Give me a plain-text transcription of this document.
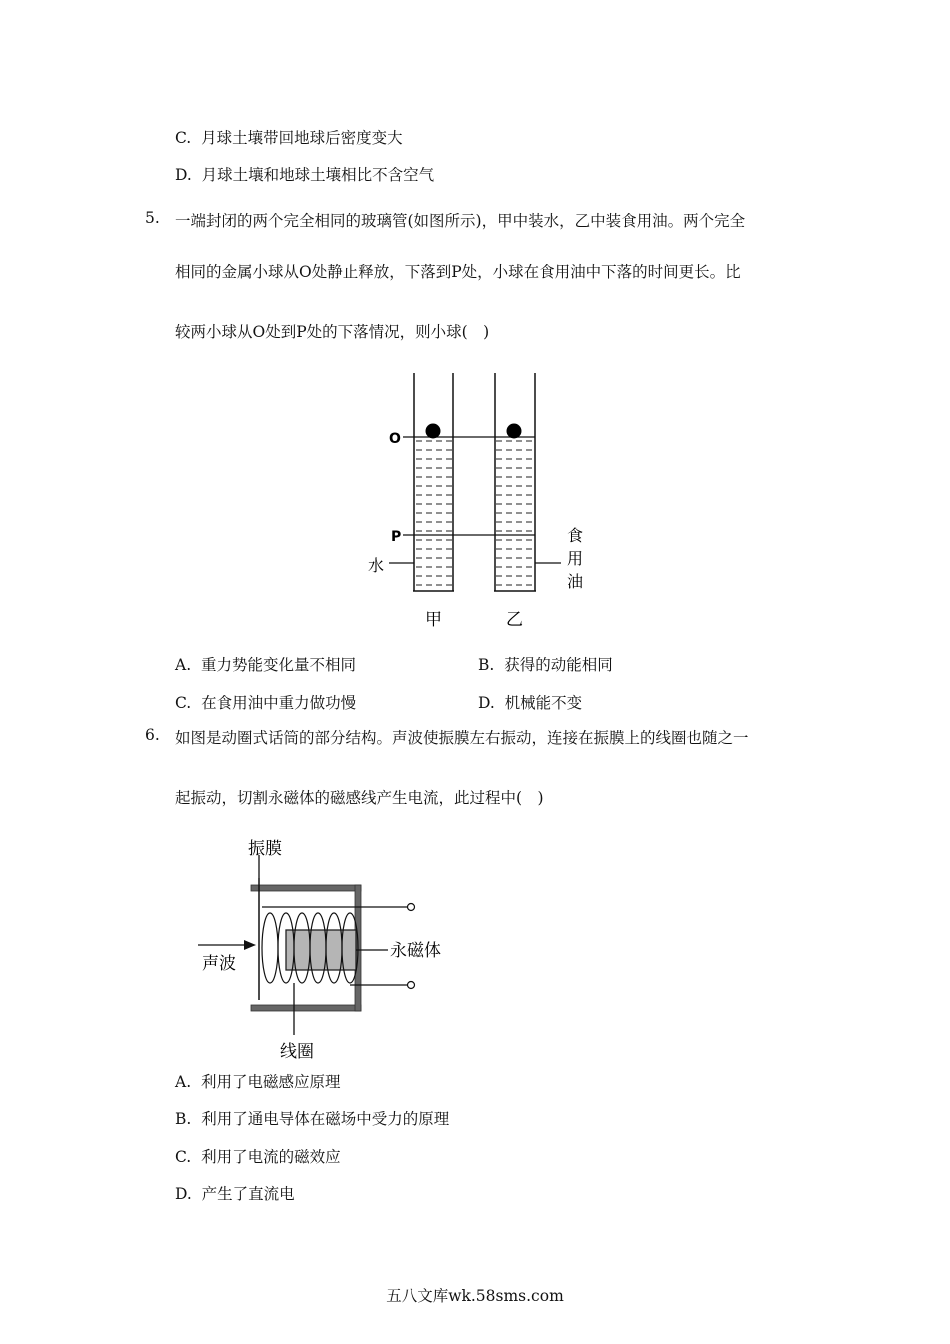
C. 月球土壤带回地球后密度变大
D. 月球土壤和地球土壤相比不含空气
5. 一端封闭的两个完全相同的玻璃管(如图所示)，甲中装水，乙中装食用油。两个完全
相同的金属小球从O处静止释放，下落到P处，小球在食用油中下落的时间更长。比
较两小球从O处到P处的下落情况，则小球(　)
O
P
水
食
用
油
甲	乙
A. 重力势能变化量不相同	B. 获得的动能相同
C. 在食用油中重力做功慢	D. 机械能不变
6. 如图是动圈式话筒的部分结构。声波使振膜左右振动，连接在振膜上的线圈也随之一
起振动，切割永磁体的磁感线产生电流，此过程中(　)
振膜
声波
永磁体
线圈
A. 利用了电磁感应原理
B. 利用了通电导体在磁场中受力的原理
C. 利用了电流的磁效应
D. 产生了直流电
五八文库wk.58sms.com
